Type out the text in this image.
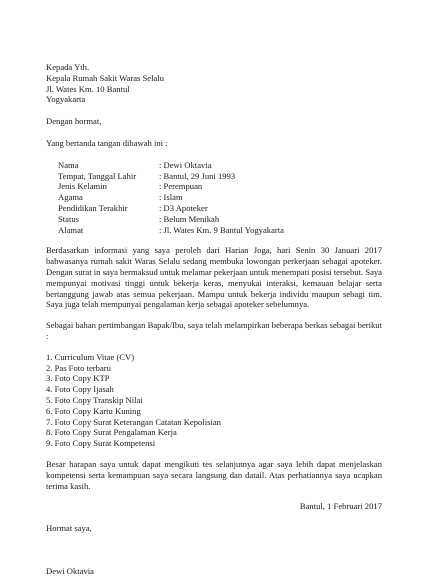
Kepada Yth.
Kepala Rumah Sakit Waras Selalu
Jl. Wates Km. 10 Bantul
Yogyakarta
Dengan hormat,
Yang bertanda tangan dibawah ini :
Nama	: Dewi Oktavia
Tempat, Tanggal Lahir	: Bantul, 29 Juni 1993
Jenis Kelamin	: Perempuan
Agama	: Islam
Pendidikan Terakhir	: D3 Apoteker
Status	: Belum Menikah
Alamat	: Jl. Wates Km. 9 Bantul Yogyakarta
Berdasarkan informasi yang saya peroleh dari Harian Joga, hari Senin 30 Januari 2017 bahwasanya rumah sakit Waras Selalu sedang membuka lowongan perkerjaan sebagai apoteker. Dengan surat in saya bermaksud untuk melamar pekerjaan untuk menempati posisi tersebut. Saya mempunyai motivasi tinggi untuk bekerja keras, menyukai interaksi, kemauan belajar serta bertanggung jawab atas semua pekerjaan. Mampu untuk bekerja individu maupun sebagi tim. Saya juga telah mempunyai pengalaman kerja sebagai apoteker sebelumnya.
Sebagai bahan pertimbangan Bapak/Ibu, saya telah melampirkan beberapa berkas sebagai berikut :
1. Curriculum Vitae (CV)
2. Pas Foto terbaru
3. Foto Copy KTP
4. Foto Copy Ijasah
5. Foto Copy Transkip Nilai
6. Foto Copy Kartu Kuning
7. Foto Copy Surat Keterangan Catatan Kepolisian
8. Foto Copy Surat Pengalaman Kerja
9. Foto Copy Surat Kompetensi
Besar harapan saya untuk dapat mengikuti tes selanjutnya agar saya lebih dapat menjelaskan kompetensi serta kemampuan saya secara langsung dan datail. Atas perhatiannya saya ucapkan terima kasih.
Bantul, 1 Februari 2017
Hormat saya,
Dewi Oktavia
